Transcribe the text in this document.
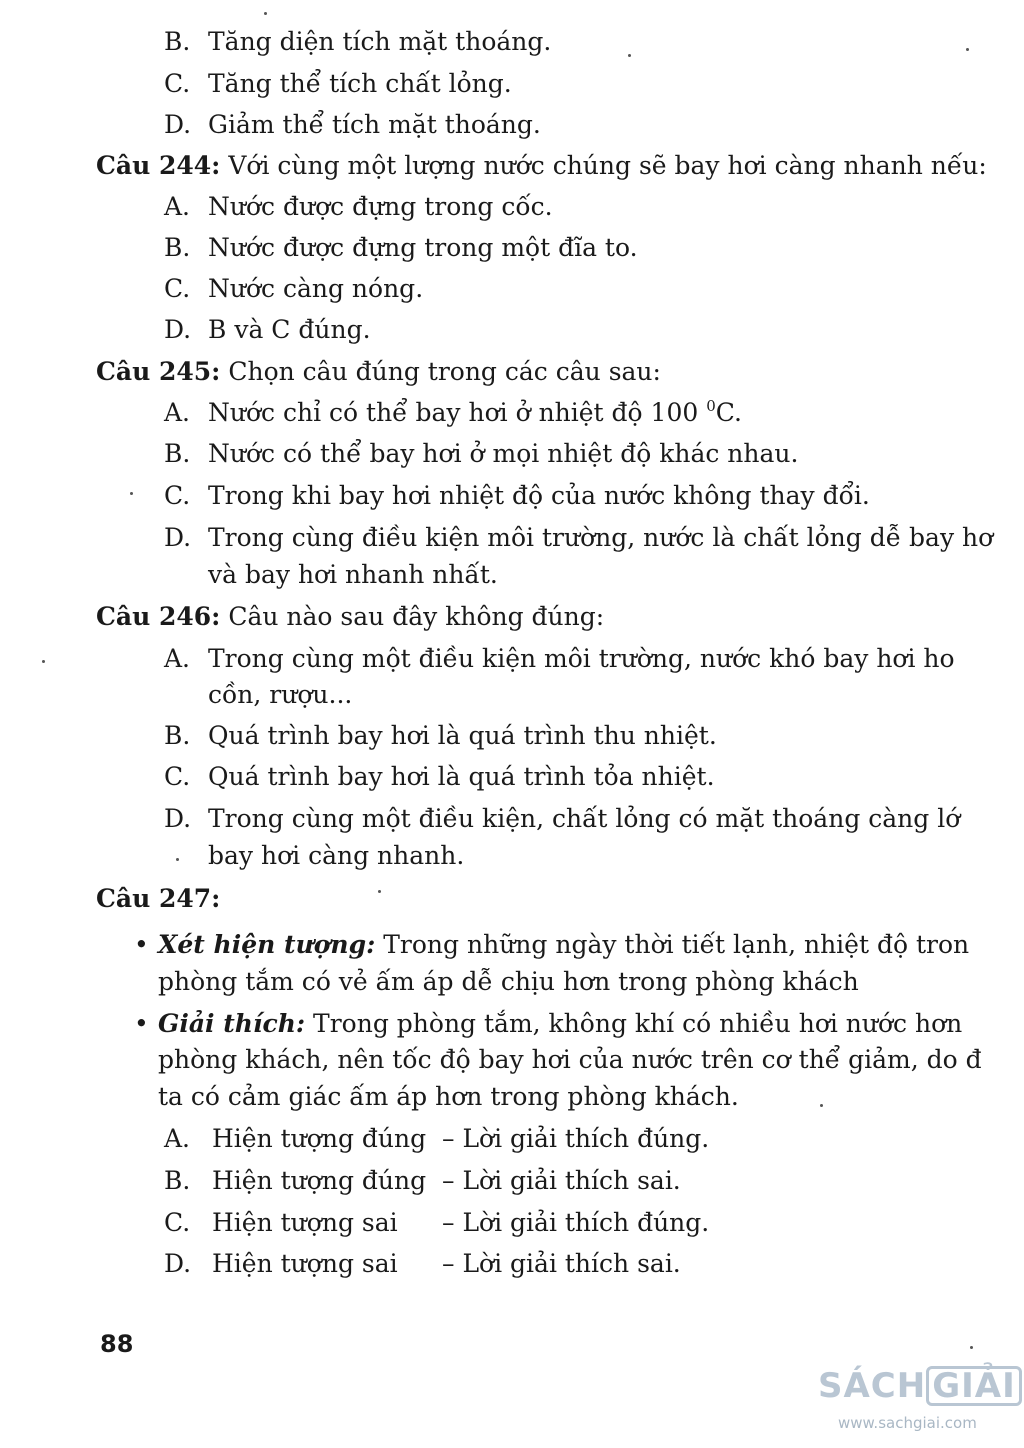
B. Tăng diện tích mặt thoáng.
C. Tăng thể tích chất lỏng.
D. Giảm thể tích mặt thoáng.
Câu 244: Với cùng một lượng nước chúng sẽ bay hơi càng nhanh nếu:
A. Nước được đựng trong cốc.
B. Nước được đựng trong một đĩa to.
C. Nước càng nóng.
D. B và C đúng.
Câu 245: Chọn câu đúng trong các câu sau:
A. Nước chỉ có thể bay hơi ở nhiệt độ 100 $^0$C.
B. Nước có thể bay hơi ở mọi nhiệt độ khác nhau.
C. Trong khi bay hơi nhiệt độ của nước không thay đổi.
D. Trong cùng điều kiện môi trường, nước là chất lỏng dễ bay hơ
và bay hơi nhanh nhất.
Câu 246: Câu nào sau đây không đúng:
A. Trong cùng một điều kiện môi trường, nước khó bay hơi ho
cồn, rượu...
B. Quá trình bay hơi là quá trình thu nhiệt.
C. Quá trình bay hơi là quá trình tỏa nhiệt.
D. Trong cùng một điều kiện, chất lỏng có mặt thoáng càng lớ
bay hơi càng nhanh.
Câu 247:
• Xét hiện tượng: Trong những ngày thời tiết lạnh, nhiệt độ tron
phòng tắm có vẻ ấm áp dễ chịu hơn trong phòng khách
• Giải thích: Trong phòng tắm, không khí có nhiều hơi nước hơn
phòng khách, nên tốc độ bay hơi của nước trên cơ thể giảm, do đ
ta có cảm giác ấm áp hơn trong phòng khách.
A. Hiện tượng đúng – Lời giải thích đúng.
B. Hiện tượng đúng – Lời giải thích sai.
C. Hiện tượng sai – Lời giải thích đúng.
D. Hiện tượng sai – Lời giải thích sai.
88
SÁCH GIẢI
www.sachgiai.com
